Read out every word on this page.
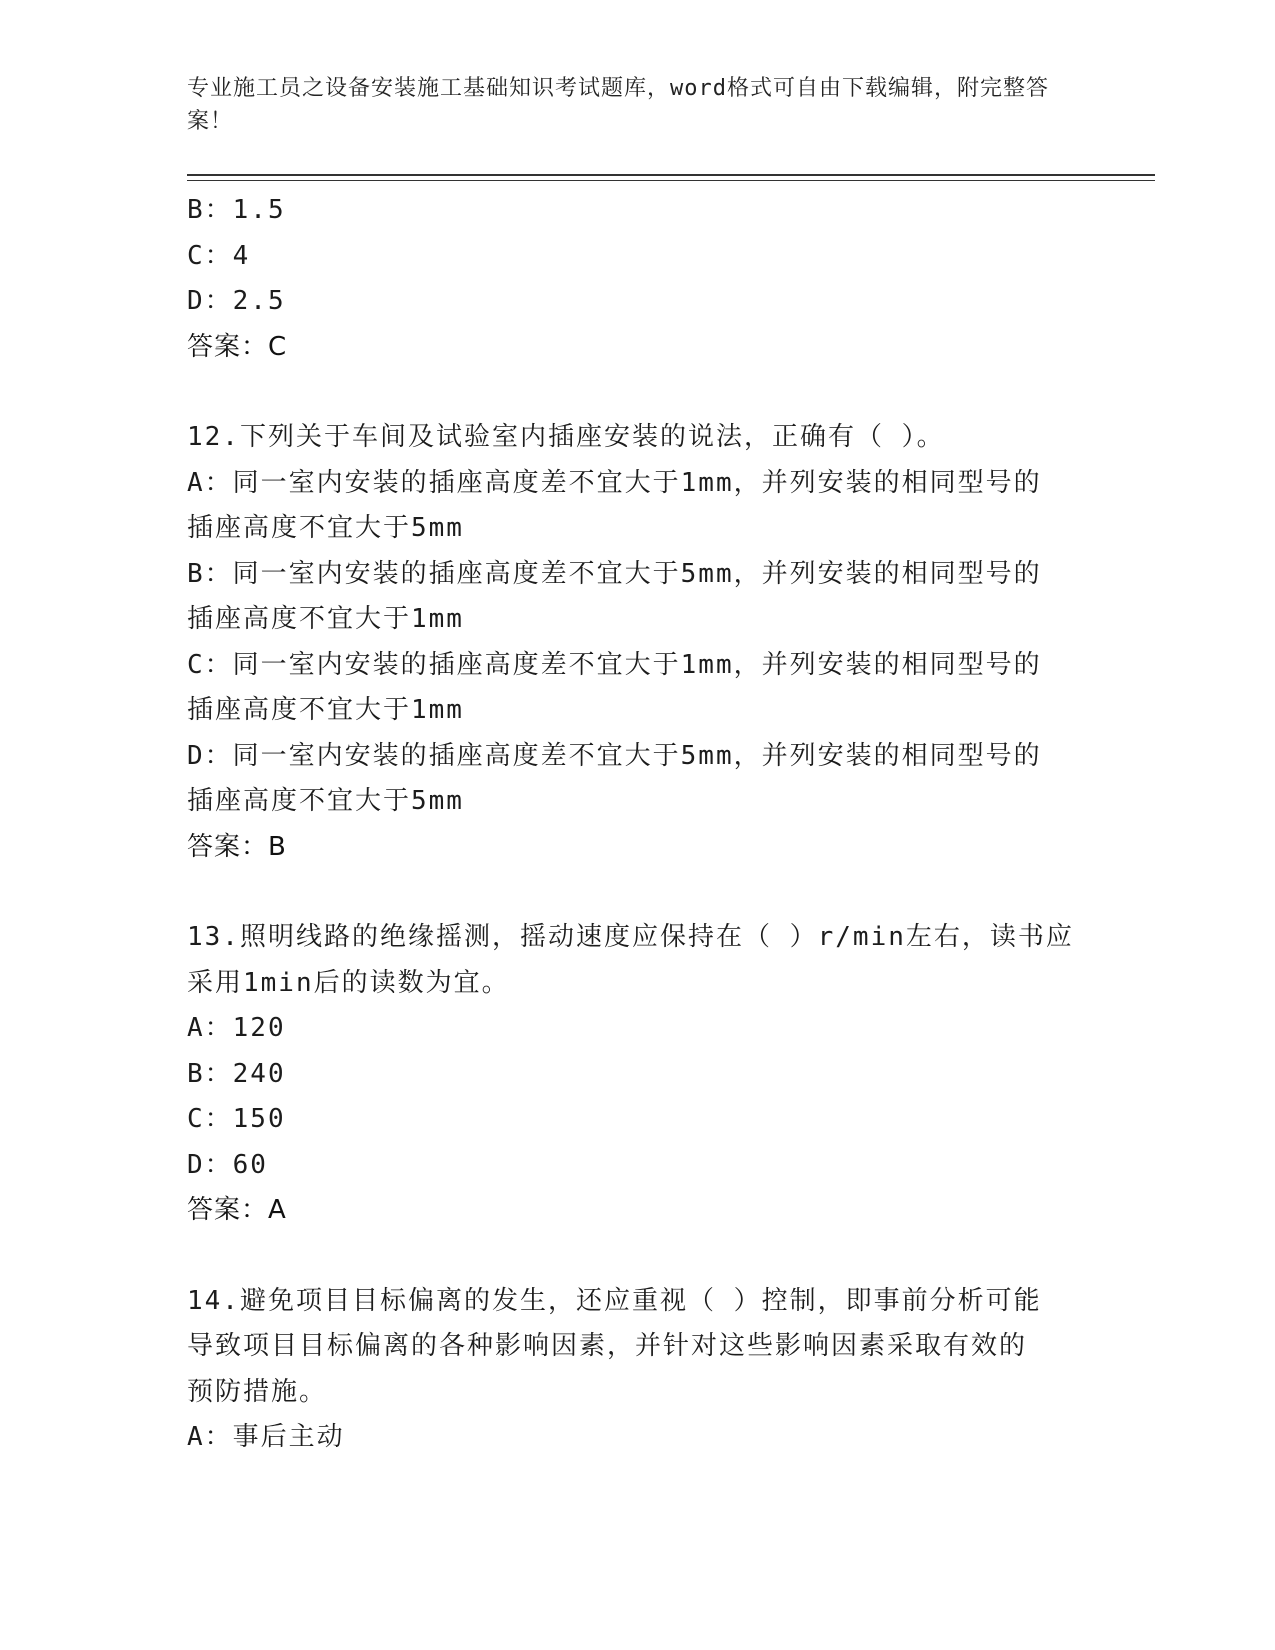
专业施工员之设备安装施工基础知识考试题库，word格式可自由下载编辑，附完整答案！
B：1.5
C：4
D：2.5
答案：C
12.下列关于车间及试验室内插座安装的说法，正确有（ ）。
A：同一室内安装的插座高度差不宜大于1mm，并列安装的相同型号的
插座高度不宜大于5mm
B：同一室内安装的插座高度差不宜大于5mm，并列安装的相同型号的
插座高度不宜大于1mm
C：同一室内安装的插座高度差不宜大于1mm，并列安装的相同型号的
插座高度不宜大于1mm
D：同一室内安装的插座高度差不宜大于5mm，并列安装的相同型号的
插座高度不宜大于5mm
答案：B
13.照明线路的绝缘摇测，摇动速度应保持在（ ）r/min左右，读书应
采用1min后的读数为宜。
A：120
B：240
C：150
D：60
答案：A
14.避免项目目标偏离的发生，还应重视（ ）控制，即事前分析可能
导致项目目标偏离的各种影响因素，并针对这些影响因素采取有效的
预防措施。
A：事后主动
